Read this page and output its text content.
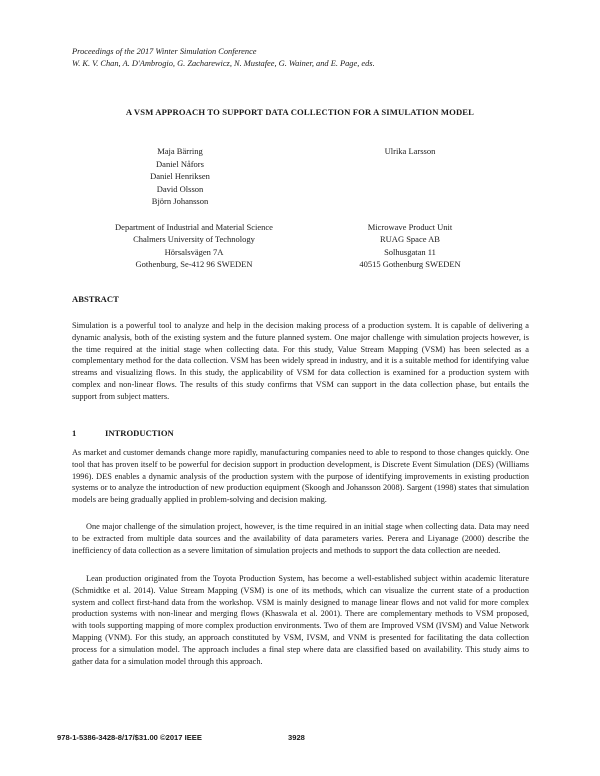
Proceedings of the 2017 Winter Simulation Conference
W. K. V. Chan, A. D'Ambrogio, G. Zacharewicz, N. Mustafee, G. Wainer, and E. Page, eds.
A VSM APPROACH TO SUPPORT DATA COLLECTION FOR A SIMULATION MODEL
Maja Bärring
Daniel Nåfors
Daniel Henriksen
David Olsson
Björn Johansson
Ulrika Larsson
Department of Industrial and Material Science
Chalmers University of Technology
Hörsalsvägen 7A
Gothenburg, Se-412 96 SWEDEN
Microwave Product Unit
RUAG Space AB
Solhusgatan 11
40515 Gothenburg SWEDEN
ABSTRACT
Simulation is a powerful tool to analyze and help in the decision making process of a production system. It is capable of delivering a dynamic analysis, both of the existing system and the future planned system. One major challenge with simulation projects however, is the time required at the initial stage when collecting data. For this study, Value Stream Mapping (VSM) has been selected as a complementary method for the data collection. VSM has been widely spread in industry, and it is a suitable method for identifying value streams and visualizing flows. In this study, the applicability of VSM for data collection is examined for a production system with complex and non-linear flows. The results of this study confirms that VSM can support in the data collection phase, but entails the support from subject matters.
1	INTRODUCTION
As market and customer demands change more rapidly, manufacturing companies need to able to respond to those changes quickly. One tool that has proven itself to be powerful for decision support in production development, is Discrete Event Simulation (DES) (Williams 1996). DES enables a dynamic analysis of the production system with the purpose of identifying improvements in existing production systems or to analyze the introduction of new production equipment (Skoogh and Johansson 2008). Sargent (1998) states that simulation models are being gradually applied in problem-solving and decision making.
One major challenge of the simulation project, however, is the time required in an initial stage when collecting data. Data may need to be extracted from multiple data sources and the availability of data parameters varies. Perera and Liyanage (2000) describe the inefficiency of data collection as a severe limitation of simulation projects and methods to support the data collection are needed.
Lean production originated from the Toyota Production System, has become a well-established subject within academic literature (Schmidtke et al. 2014). Value Stream Mapping (VSM) is one of its methods, which can visualize the current state of a production system and collect first-hand data from the workshop. VSM is mainly designed to manage linear flows and not valid for more complex production systems with non-linear and merging flows (Khaswala et al. 2001). There are complementary methods to VSM proposed, with tools supporting mapping of more complex production environments. Two of them are Improved VSM (IVSM) and Value Network Mapping (VNM). For this study, an approach constituted by VSM, IVSM, and VNM is presented for facilitating the data collection process for a simulation model. The approach includes a final step where data are classified based on availability. This study aims to gather data for a simulation model through this approach.
978-1-5386-3428-8/17/$31.00 ©2017 IEEE	3928
